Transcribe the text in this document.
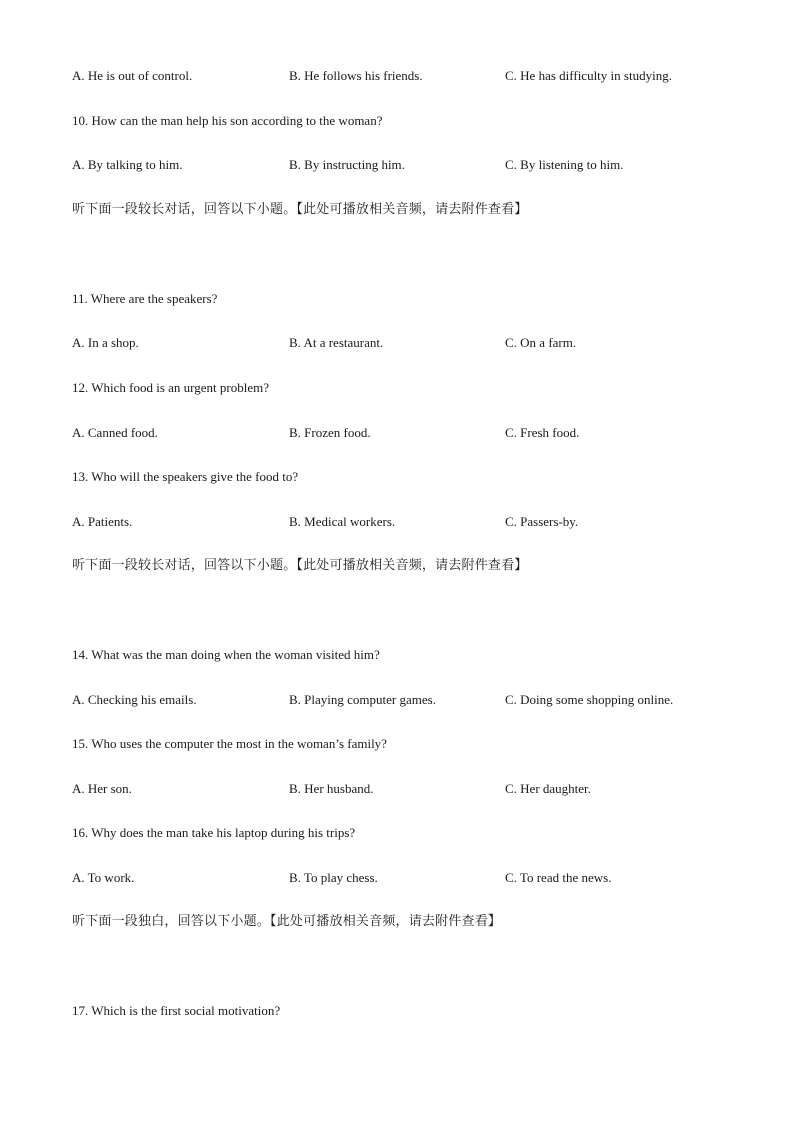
A. He is out of control.	B. He follows his friends.	C. He has difficulty in studying.
10. How can the man help his son according to the woman?
A. By talking to him.	B. By instructing him.	C. By listening to him.
听下面一段较长对话，回答以下小题。【此处可播放相关音频，请去附件查看】
11. Where are the speakers?
A. In a shop.	B. At a restaurant.	C. On a farm.
12. Which food is an urgent problem?
A. Canned food.	B. Frozen food.	C. Fresh food.
13. Who will the speakers give the food to?
A. Patients.	B. Medical workers.	C. Passers-by.
听下面一段较长对话，回答以下小题。【此处可播放相关音频，请去附件查看】
14. What was the man doing when the woman visited him?
A. Checking his emails.	B. Playing computer games.	C. Doing some shopping online.
15. Who uses the computer the most in the woman’s family?
A. Her son.	B. Her husband.	C. Her daughter.
16. Why does the man take his laptop during his trips?
A. To work.	B. To play chess.	C. To read the news.
听下面一段独白，回答以下小题。【此处可播放相关音频，请去附件查看】
17. Which is the first social motivation?
